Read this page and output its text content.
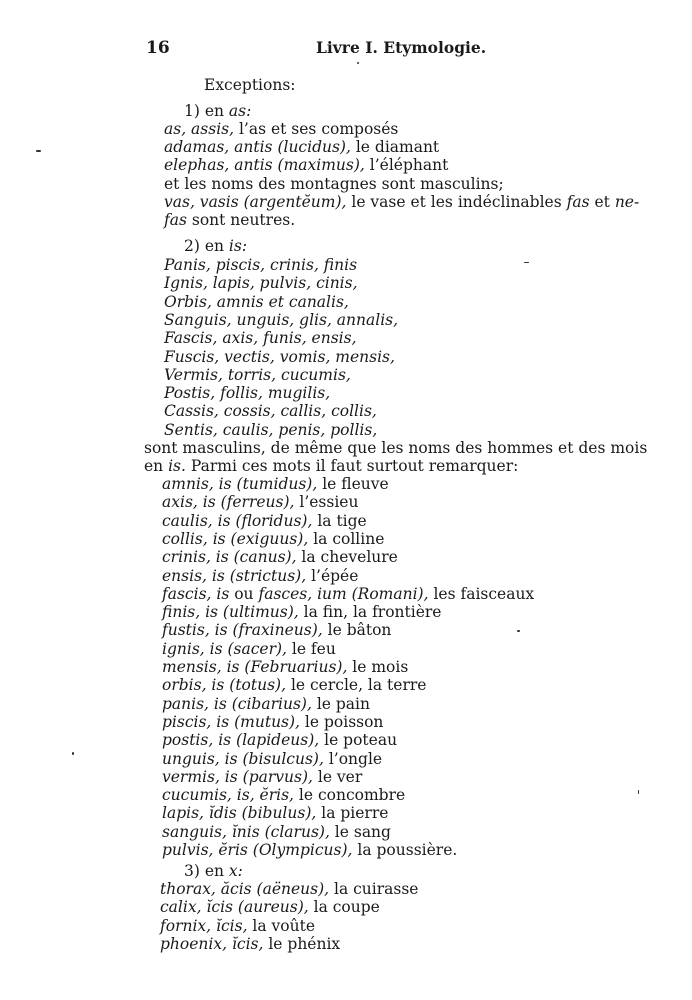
16	Livre I. Etymologie.
Exceptions:
1) en as:
as, assis, l’as et ses composés
adamas, antis (lucidus), le diamant
elephas, antis (maximus), l’éléphant
et les noms des montagnes sont masculins;
vas, vasis (argentĕum), le vase et les indéclinables fas et ne-
fas sont neutres.
2) en is:
Panis, piscis, crinis, finis
Ignis, lapis, pulvis, cinis,
Orbis, amnis et canalis,
Sanguis, unguis, glis, annalis,
Fascis, axis, funis, ensis,
Fuscis, vectis, vomis, mensis,
Vermis, torris, cucumis,
Postis, follis, mugilis,
Cassis, cossis, callis, collis,
Sentis, caulis, penis, pollis,
sont masculins, de même que les noms des hommes et des mois
en is. Parmi ces mots il faut surtout remarquer:
amnis, is (tumidus), le fleuve
axis, is (ferreus), l’essieu
caulis, is (floridus), la tige
collis, is (exiguus), la colline
crinis, is (canus), la chevelure
ensis, is (strictus), l’épée
fascis, is ou fasces, ium (Romani), les faisceaux
finis, is (ultimus), la fin, la frontière
fustis, is (fraxineus), le bâton
ignis, is (sacer), le feu
mensis, is (Februarius), le mois
orbis, is (totus), le cercle, la terre
panis, is (cibarius), le pain
piscis, is (mutus), le poisson
postis, is (lapideus), le poteau
unguis, is (bisulcus), l’ongle
vermis, is (parvus), le ver
cucumis, is, ĕris, le concombre
lapis, ĭdis (bibulus), la pierre
sanguis, ĭnis (clarus), le sang
pulvis, ĕris (Olympicus), la poussière.
3) en x:
thorax, ăcis (aëneus), la cuirasse
calix, ĭcis (aureus), la coupe
fornix, ĭcis, la voûte
phoenix, ĭcis, le phénix
